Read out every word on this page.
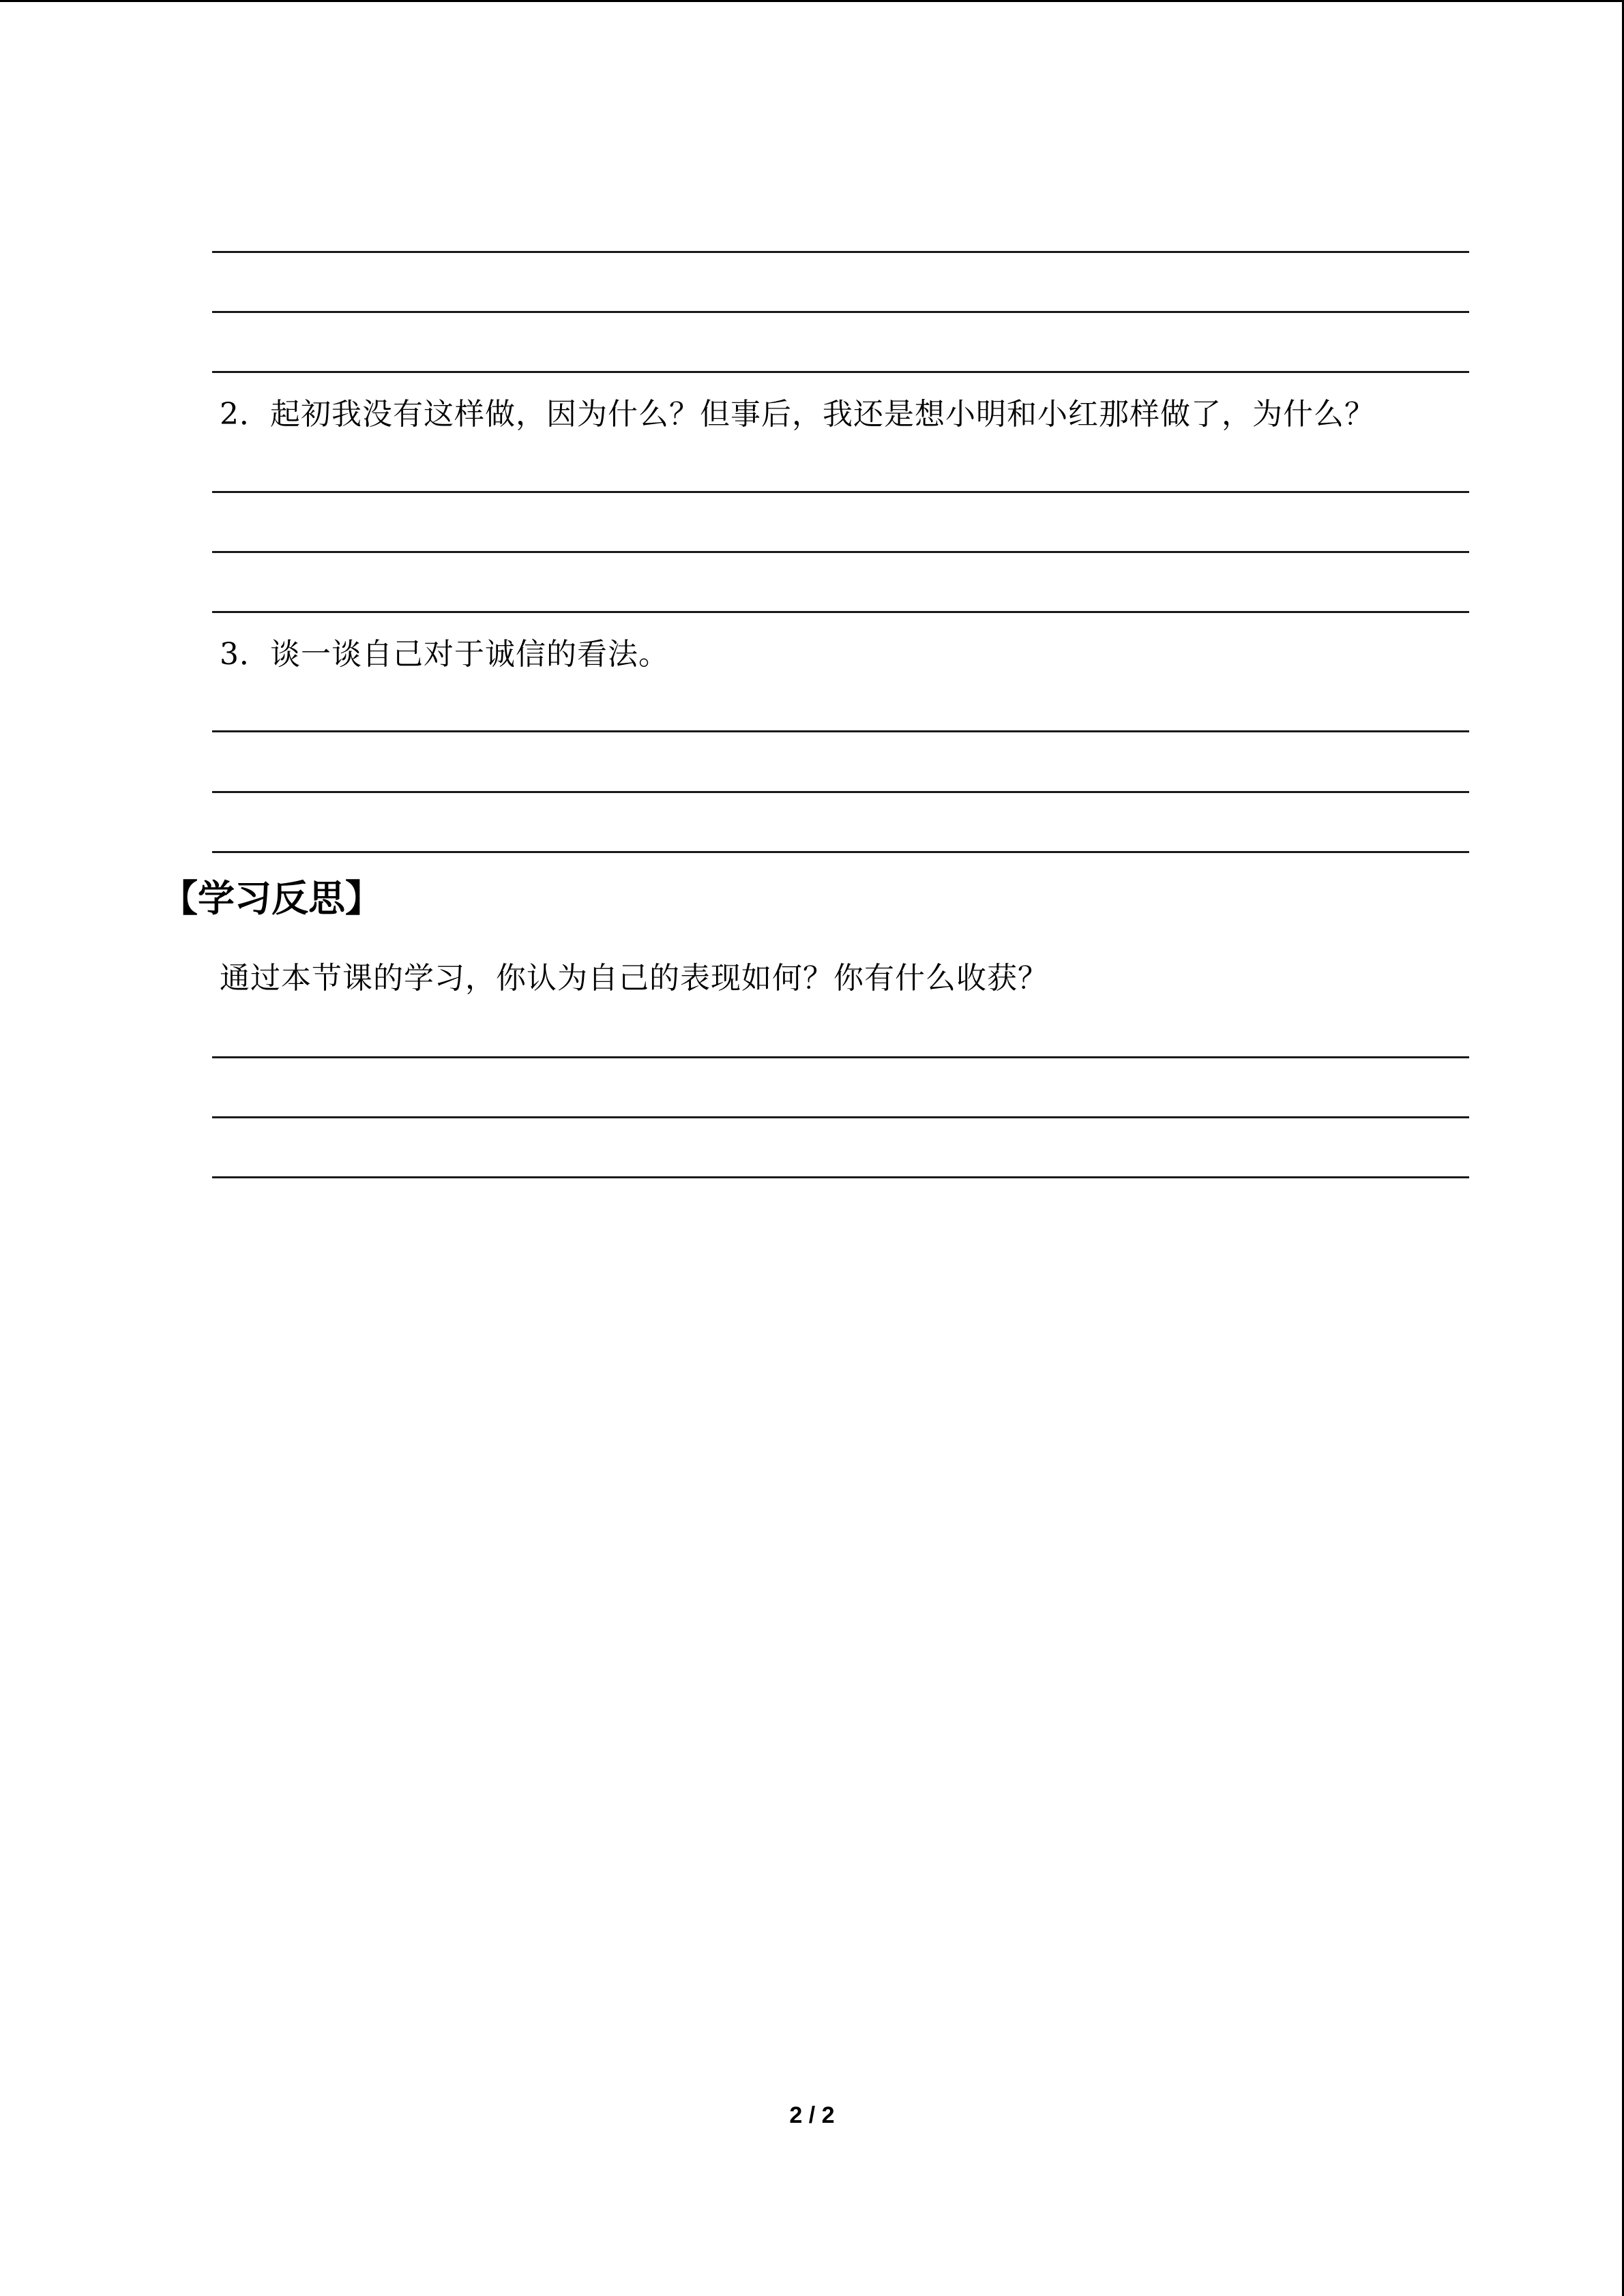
2．起初我没有这样做，因为什么？但事后，我还是想小明和小红那样做了，为什么？
3．谈一谈自己对于诚信的看法。
【学习反思】
通过本节课的学习，你认为自己的表现如何？你有什么收获？
2 / 2
